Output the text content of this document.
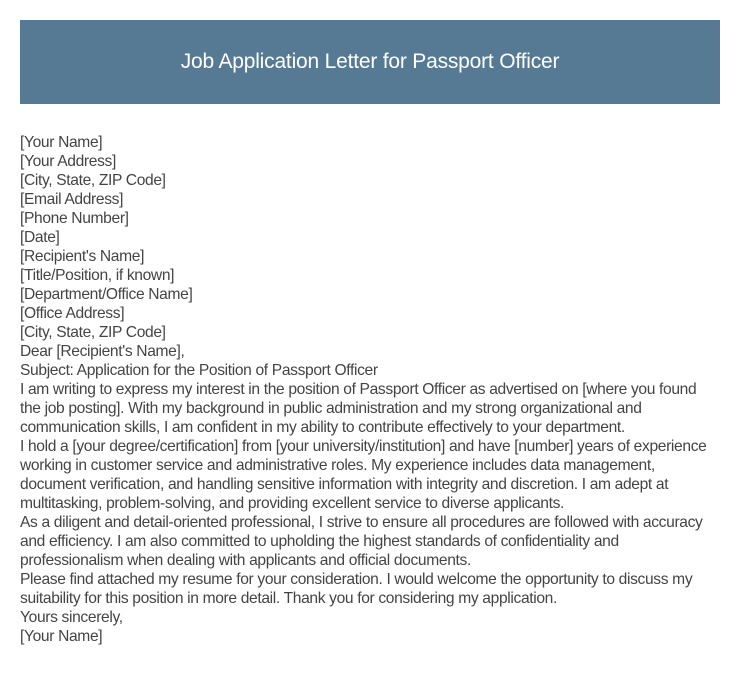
Job Application Letter for Passport Officer

[Your Name]

[Your Address]

[City, State, ZIP Code]

[Email Address]

[Phone Number]

[Date]

[Recipient's Name]

[Title/Position, if known]

[Department/Office Name]

[Office Address]

[City, State, ZIP Code]

Dear [Recipient's Name],

Subject: Application for the Position of Passport Officer

I am writing to express my interest in the position of Passport Officer as advertised on [where you found the job posting]. With my background in public administration and my strong organizational and communication skills, I am confident in my ability to contribute effectively to your department.

I hold a [your degree/certification] from [your university/institution] and have [number] years of experience working in customer service and administrative roles. My experience includes data management, document verification, and handling sensitive information with integrity and discretion. I am adept at multitasking, problem-solving, and providing excellent service to diverse applicants.

As a diligent and detail-oriented professional, I strive to ensure all procedures are followed with accuracy and efficiency. I am also committed to upholding the highest standards of confidentiality and professionalism when dealing with applicants and official documents.

Please find attached my resume for your consideration. I would welcome the opportunity to discuss my suitability for this position in more detail. Thank you for considering my application.

Yours sincerely,

[Your Name]
